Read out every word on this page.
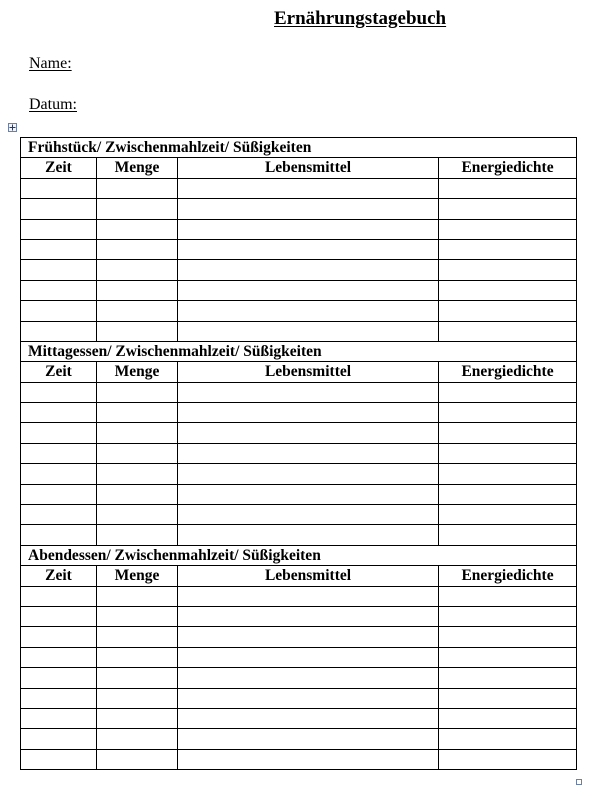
Ernährungstagebuch
Name:
Datum:
Frühstück/ Zwischenmahlzeit/ Süßigkeiten			
Zeit	Menge	Lebensmittel	Energiedichte

Mittagessen/ Zwischenmahlzeit/ Süßigkeiten			
Zeit	Menge	Lebensmittel	Energiedichte

Abendessen/ Zwischenmahlzeit/ Süßigkeiten			
Zeit	Menge	Lebensmittel	Energiedichte
